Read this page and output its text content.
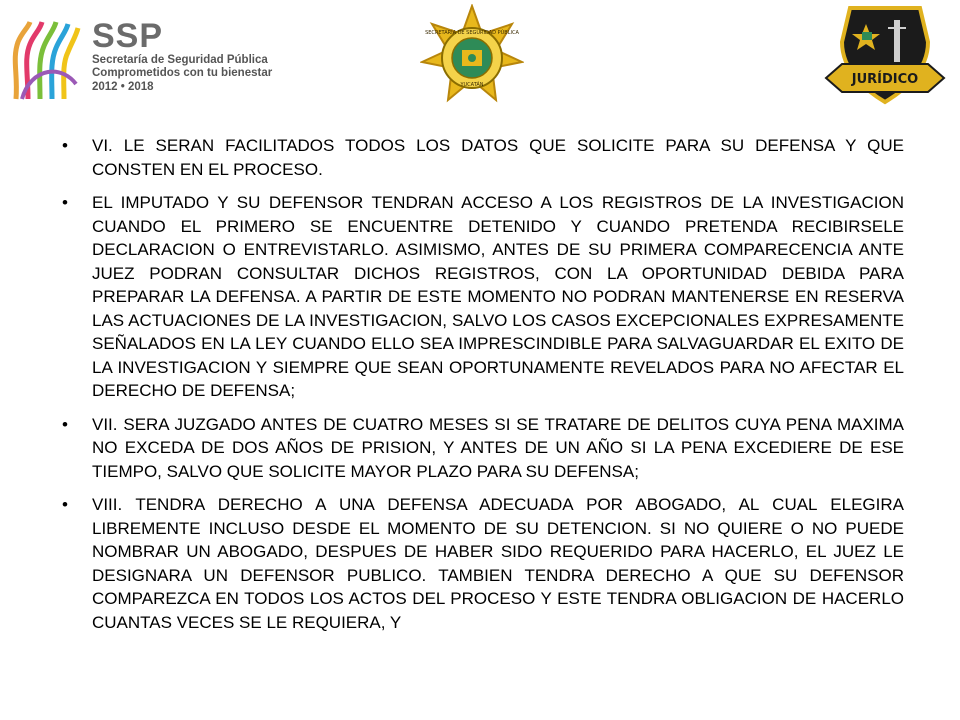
SSP
Secretaría de Seguridad Pública
Comprometidos con tu bienestar
2012 • 2018
SECRETARÍA DE SEGURIDAD PÚBLICA
YUCATÁN	JURÍDICO
• VI. LE SERAN FACILITADOS TODOS LOS DATOS QUE SOLICITE PARA SU DEFENSA Y QUE CONSTEN EN EL PROCESO.
• EL IMPUTADO Y SU DEFENSOR TENDRAN ACCESO A LOS REGISTROS DE LA INVESTIGACION CUANDO EL PRIMERO SE ENCUENTRE DETENIDO Y CUANDO PRETENDA RECIBIRSELE DECLARACION O ENTREVISTARLO. ASIMISMO, ANTES DE SU PRIMERA COMPARECENCIA ANTE JUEZ PODRAN CONSULTAR DICHOS REGISTROS, CON LA OPORTUNIDAD DEBIDA PARA PREPARAR LA DEFENSA. A PARTIR DE ESTE MOMENTO NO PODRAN MANTENERSE EN RESERVA LAS ACTUACIONES DE LA INVESTIGACION, SALVO LOS CASOS EXCEPCIONALES EXPRESAMENTE SEÑALADOS EN LA LEY CUANDO ELLO SEA IMPRESCINDIBLE PARA SALVAGUARDAR EL EXITO DE LA INVESTIGACION Y SIEMPRE QUE SEAN OPORTUNAMENTE REVELADOS PARA NO AFECTAR EL DERECHO DE DEFENSA;
• VII. SERA JUZGADO ANTES DE CUATRO MESES SI SE TRATARE DE DELITOS CUYA PENA MAXIMA NO EXCEDA DE DOS AÑOS DE PRISION, Y ANTES DE UN AÑO SI LA PENA EXCEDIERE DE ESE TIEMPO, SALVO QUE SOLICITE MAYOR PLAZO PARA SU DEFENSA;
• VIII. TENDRA DERECHO A UNA DEFENSA ADECUADA POR ABOGADO, AL CUAL ELEGIRA LIBREMENTE INCLUSO DESDE EL MOMENTO DE SU DETENCION. SI NO QUIERE O NO PUEDE NOMBRAR UN ABOGADO, DESPUES DE HABER SIDO REQUERIDO PARA HACERLO, EL JUEZ LE DESIGNARA UN DEFENSOR PUBLICO. TAMBIEN TENDRA DERECHO A QUE SU DEFENSOR COMPAREZCA EN TODOS LOS ACTOS DEL PROCESO Y ESTE TENDRA OBLIGACION DE HACERLO CUANTAS VECES SE LE REQUIERA, Y
